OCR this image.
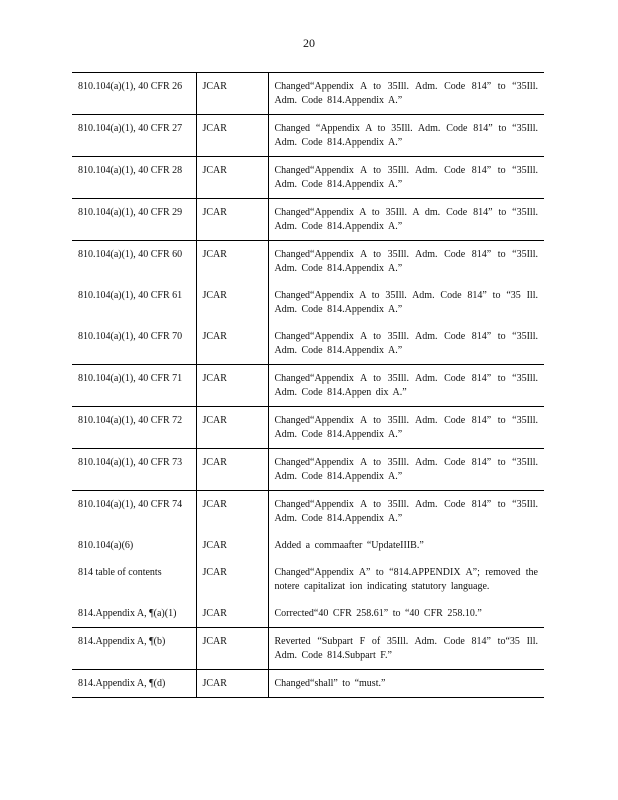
20
810.104(a)(1), 40 CFR 26	JCAR	Changed“Appendix A to 35Ill. Adm. Code 814” to “35Ill. Adm. Code 814.Appendix A.”
810.104(a)(1), 40 CFR 27	JCAR	Changed “Appendix A to 35Ill. Adm. Code 814” to “35Ill. Adm. Code 814.Appendix A.”
810.104(a)(1), 40 CFR 28	JCAR	Changed“Appendix A to 35Ill. Adm. Code 814” to “35Ill. Adm. Code 814.Appendix A.”
810.104(a)(1), 40 CFR 29	JCAR	Changed“Appendix A to 35Ill. A dm. Code 814” to “35Ill. Adm. Code 814.Appendix A.”
810.104(a)(1), 40 CFR 60	JCAR	Changed“Appendix A to 35Ill. Adm. Code 814” to “35Ill. Adm. Code 814.Appendix A.”
810.104(a)(1), 40 CFR 61	JCAR	Changed“Appendix A to 35Ill. Adm. Code 814” to “35 Ill. Adm. Code 814.Appendix A.”
810.104(a)(1), 40 CFR 70	JCAR	Changed“Appendix A to 35Ill. Adm. Code 814” to “35Ill. Adm. Code 814.Appendix A.”
810.104(a)(1), 40 CFR 71	JCAR	Changed“Appendix A to 35Ill. Adm. Code 814” to “35Ill. Adm. Code 814.Appen dix A.”
810.104(a)(1), 40 CFR 72	JCAR	Changed“Appendix A to 35Ill. Adm. Code 814” to “35Ill. Adm. Code 814.Appendix A.”
810.104(a)(1), 40 CFR 73	JCAR	Changed“Appendix A to 35Ill. Adm. Code 814” to “35Ill. Adm. Code 814.Appendix A.”
810.104(a)(1), 40 CFR 74	JCAR	Changed“Appendix A to 35Ill. Adm. Code 814” to “35Ill. Adm. Code 814.Appendix A.”
810.104(a)(6)	JCAR	Added a commaafter “UpdateIIIB.”
814 table of contents	JCAR	Changed“Appendix A” to “814.APPENDIX A”; removed the notere capitalizat ion indicating statutory language.
814.Appendix A, ¶(a)(1)	JCAR	Corrected“40 CFR 258.61” to “40 CFR 258.10.”
814.Appendix A, ¶(b)	JCAR	Reverted “Subpart F of 35Ill. Adm. Code 814” to“35 Ill. Adm. Code 814.Subpart F.”
814.Appendix A, ¶(d)	JCAR	Changed“shall” to “must.”
